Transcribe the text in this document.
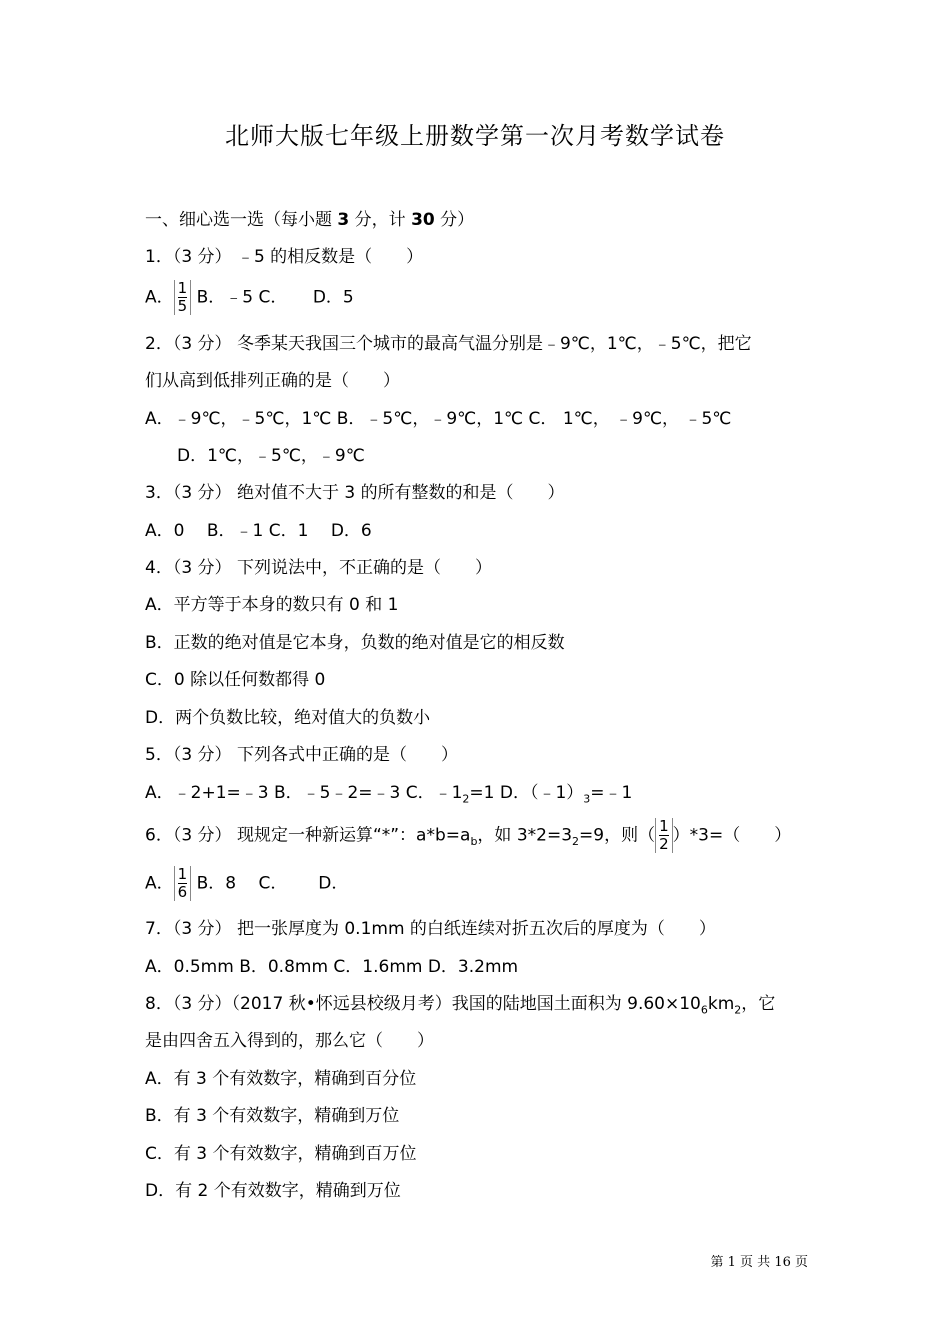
北师大版七年级上册数学第一次月考数学试卷
一、细心选一选（每小题 3 分，计 30 分）
1．（3 分） ﹣5 的相反数是（　　）
A． $\frac{1}{5}$ B．﹣5 C．　　D．5
2．（3 分） 冬季某天我国三个城市的最高气温分别是﹣9℃，1℃，﹣5℃，把它
们从高到低排列正确的是（　　）
A．﹣9℃，﹣5℃，1℃ B．﹣5℃，﹣9℃，1℃ C． 1℃， ﹣9℃， ﹣5℃
D．1℃，﹣5℃，﹣9℃
3．（3 分） 绝对值不大于 3 的所有整数的和是（　　）
A．0　 B．﹣1 C．1　 D．6
4．（3 分） 下列说法中，不正确的是（　　）
A．平方等于本身的数只有 0 和 1
B．正数的绝对值是它本身，负数的绝对值是它的相反数
C．0 除以任何数都得 0
D．两个负数比较，绝对值大的负数小
5．（3 分） 下列各式中正确的是（　　）
A．﹣2+1=﹣3 B．﹣5﹣2=﹣3 C．$﹣1_2=1$ D．$(﹣1)_3=﹣1$
6．（3 分） 现规定一种新运算“*”：$a*b=a_b$，如 $3*2=3_2=9$，则（ $\frac{1}{2} )*3=$（　　）
A． $\frac{1}{6}$ B．8　 C．　　 D．
7．（3 分） 把一张厚度为 0.1mm 的白纸连续对折五次后的厚度为（　　）
A．0.5mm B．0.8mm C．1.6mm D．3.2mm
8．（3 分）（2017 秋•怀远县校级月考）我国的陆地国土面积为 $9.60\times 10_6km_2$，它
是由四舍五入得到的，那么它（　　）
A．有 3 个有效数字，精确到百分位
B．有 3 个有效数字，精确到万位
C．有 3 个有效数字，精确到百万位
D．有 2 个有效数字，精确到万位
第 1 页 共 16 页
